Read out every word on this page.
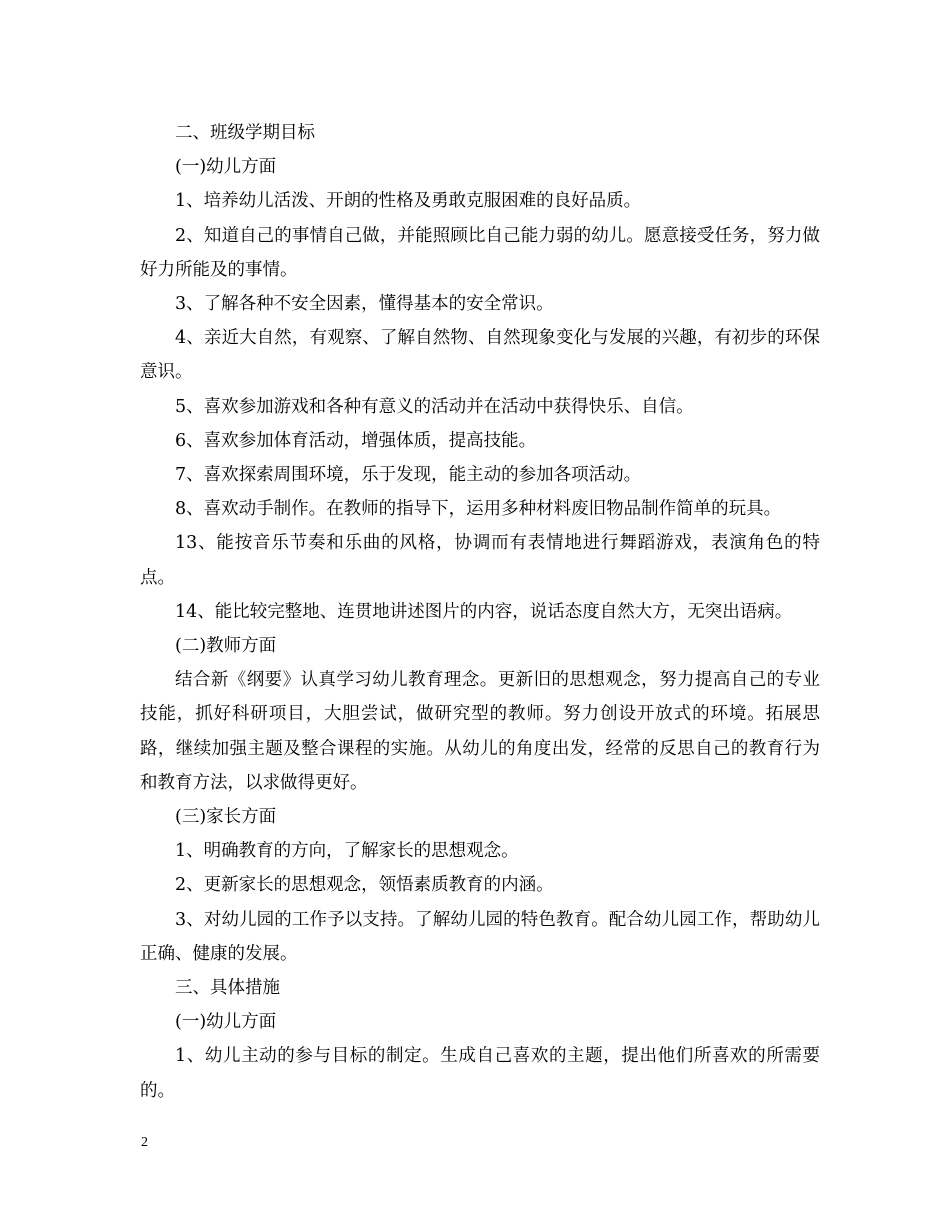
二、班级学期目标

(一)幼儿方面

1、培养幼儿活泼、开朗的性格及勇敢克服困难的良好品质。

2、知道自己的事情自己做，并能照顾比自己能力弱的幼儿。愿意接受任务，努力做好力所能及的事情。

3、了解各种不安全因素，懂得基本的安全常识。

4、亲近大自然，有观察、了解自然物、自然现象变化与发展的兴趣，有初步的环保意识。

5、喜欢参加游戏和各种有意义的活动并在活动中获得快乐、自信。

6、喜欢参加体育活动，增强体质，提高技能。

7、喜欢探索周围环境，乐于发现，能主动的参加各项活动。

8、喜欢动手制作。在教师的指导下，运用多种材料废旧物品制作简单的玩具。

13、能按音乐节奏和乐曲的风格，协调而有表情地进行舞蹈游戏，表演角色的特点。

14、能比较完整地、连贯地讲述图片的内容，说话态度自然大方，无突出语病。

(二)教师方面

结合新《纲要》认真学习幼儿教育理念。更新旧的思想观念，努力提高自己的专业技能，抓好科研项目，大胆尝试，做研究型的教师。努力创设开放式的环境。拓展思路，继续加强主题及整合课程的实施。从幼儿的角度出发，经常的反思自己的教育行为和教育方法，以求做得更好。

(三)家长方面

1、明确教育的方向，了解家长的思想观念。

2、更新家长的思想观念，领悟素质教育的内涵。

3、对幼儿园的工作予以支持。了解幼儿园的特色教育。配合幼儿园工作，帮助幼儿正确、健康的发展。

三、具体措施

(一)幼儿方面

1、幼儿主动的参与目标的制定。生成自己喜欢的主题，提出他们所喜欢的所需要的。

2
